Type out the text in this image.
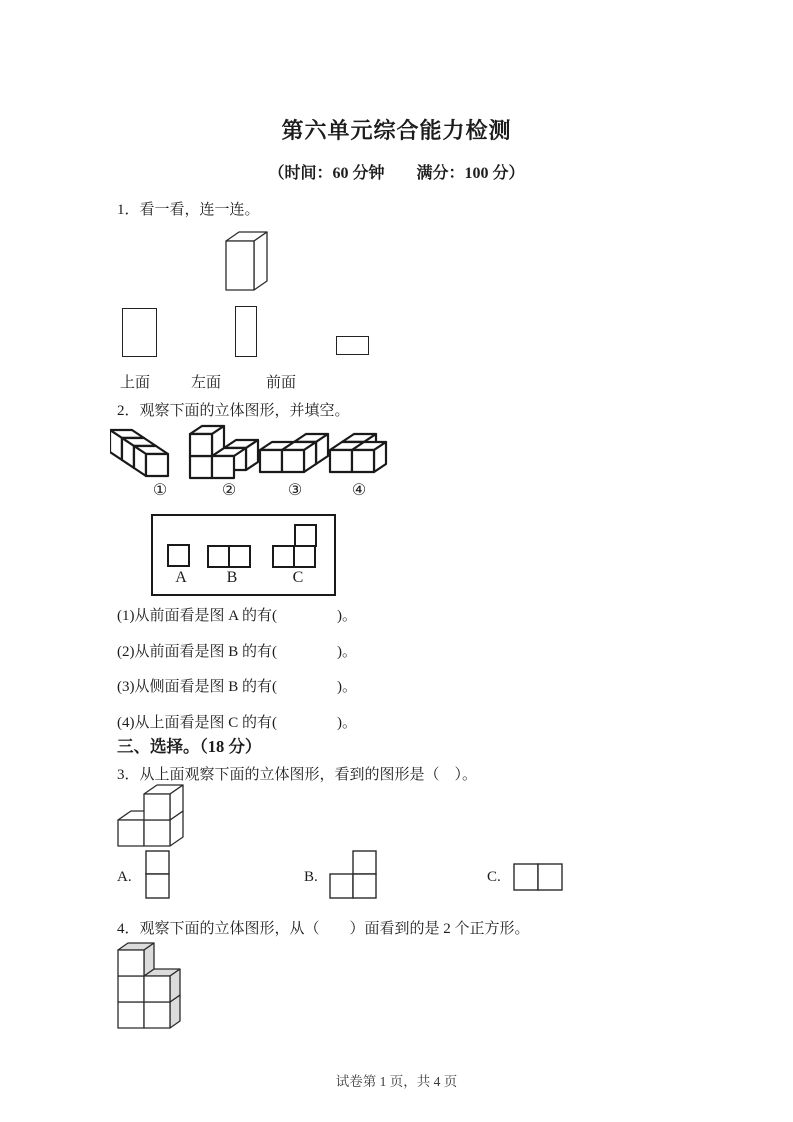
第六单元综合能力检测
（时间：60 分钟　　满分：100 分）
1．看一看，连一连。
上面	左面	前面
2．观察下面的立体图形，并填空。
①	②	③	④
A	B	C
(1)从前面看是图 A 的有(　　　　)。
(2)从前面看是图 B 的有(　　　　)。
(3)从侧面看是图 B 的有(　　　　)。
(4)从上面看是图 C 的有(　　　　)。
三、选择。（18 分）
3．从上面观察下面的立体图形，看到的图形是（　）。
A.	B.	C.
4．观察下面的立体图形，从（　　）面看到的是 2 个正方形。
试卷第 1 页，共 4 页
